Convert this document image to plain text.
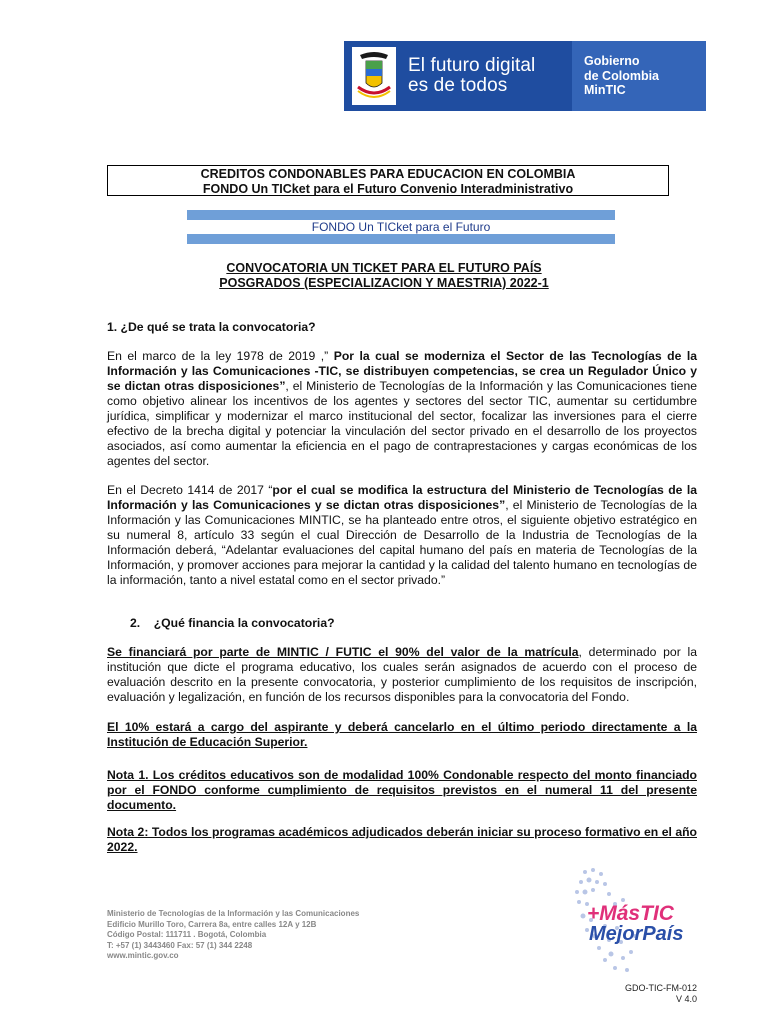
El futuro digital
es de todos
Gobierno
de Colombia
MinTIC
CREDITOS CONDONABLES PARA EDUCACION EN COLOMBIA
FONDO Un TICket para el Futuro Convenio Interadministrativo
FONDO Un TICket para el Futuro
CONVOCATORIA UN TICKET PARA EL FUTURO PAÍS
POSGRADOS (ESPECIALIZACION Y MAESTRIA) 2022-1

1. ¿De qué se trata la convocatoria?

En el marco de la ley 1978 de 2019 ,” Por la cual se moderniza el Sector de las Tecnologías de la Información y las Comunicaciones -TIC, se distribuyen competencias, se crea un Regulador Único y se dictan otras disposiciones”, el Ministerio de Tecnologías de la Información y las Comunicaciones tiene como objetivo alinear los incentivos de los agentes y sectores del sector TIC, aumentar su certidumbre jurídica, simplificar y modernizar el marco institucional del sector, focalizar las inversiones para el cierre efectivo de la brecha digital y potenciar la vinculación del sector privado en el desarrollo de los proyectos asociados, así como aumentar la eficiencia en el pago de contraprestaciones y cargas económicas de los agentes del sector.

En el Decreto 1414 de 2017 “por el cual se modifica la estructura del Ministerio de Tecnologías de la Información y las Comunicaciones y se dictan otras disposiciones”, el Ministerio de Tecnologías de la Información y las Comunicaciones MINTIC, se ha planteado entre otros, el siguiente objetivo estratégico en su numeral 8, artículo 33 según el cual Dirección de Desarrollo de la Industria de Tecnologías de la Información deberá, “Adelantar evaluaciones del capital humano del país en materia de Tecnologías de la Información, y promover acciones para mejorar la cantidad y la calidad del talento humano en tecnologías de la información, tanto a nivel estatal como en el sector privado.”

2. ¿Qué financia la convocatoria?

Se financiará por parte de MINTIC / FUTIC el 90% del valor de la matrícula, determinado por la institución que dicte el programa educativo, los cuales serán asignados de acuerdo con el proceso de evaluación descrito en la presente convocatoria, y posterior cumplimiento de los requisitos de inscripción, evaluación y legalización, en función de los recursos disponibles para la convocatoria del Fondo.

El 10% estará a cargo del aspirante y deberá cancelarlo en el último periodo directamente a la Institución de Educación Superior.

Nota 1. Los créditos educativos son de modalidad 100% Condonable respecto del monto financiado por el FONDO conforme cumplimiento de requisitos previstos en el numeral 11 del presente documento.

Nota 2: Todos los programas académicos adjudicados deberán iniciar su proceso formativo en el año 2022.

Ministerio de Tecnologías de la Información y las Comunicaciones
Edificio Murillo Toro, Carrera 8a, entre calles 12A y 12B
Código Postal: 111711 . Bogotá, Colombia
T: +57 (1) 3443460 Fax: 57 (1) 344 2248
www.mintic.gov.co
+MásTIC
MejorPaís
GDO-TIC-FM-012
V 4.0
